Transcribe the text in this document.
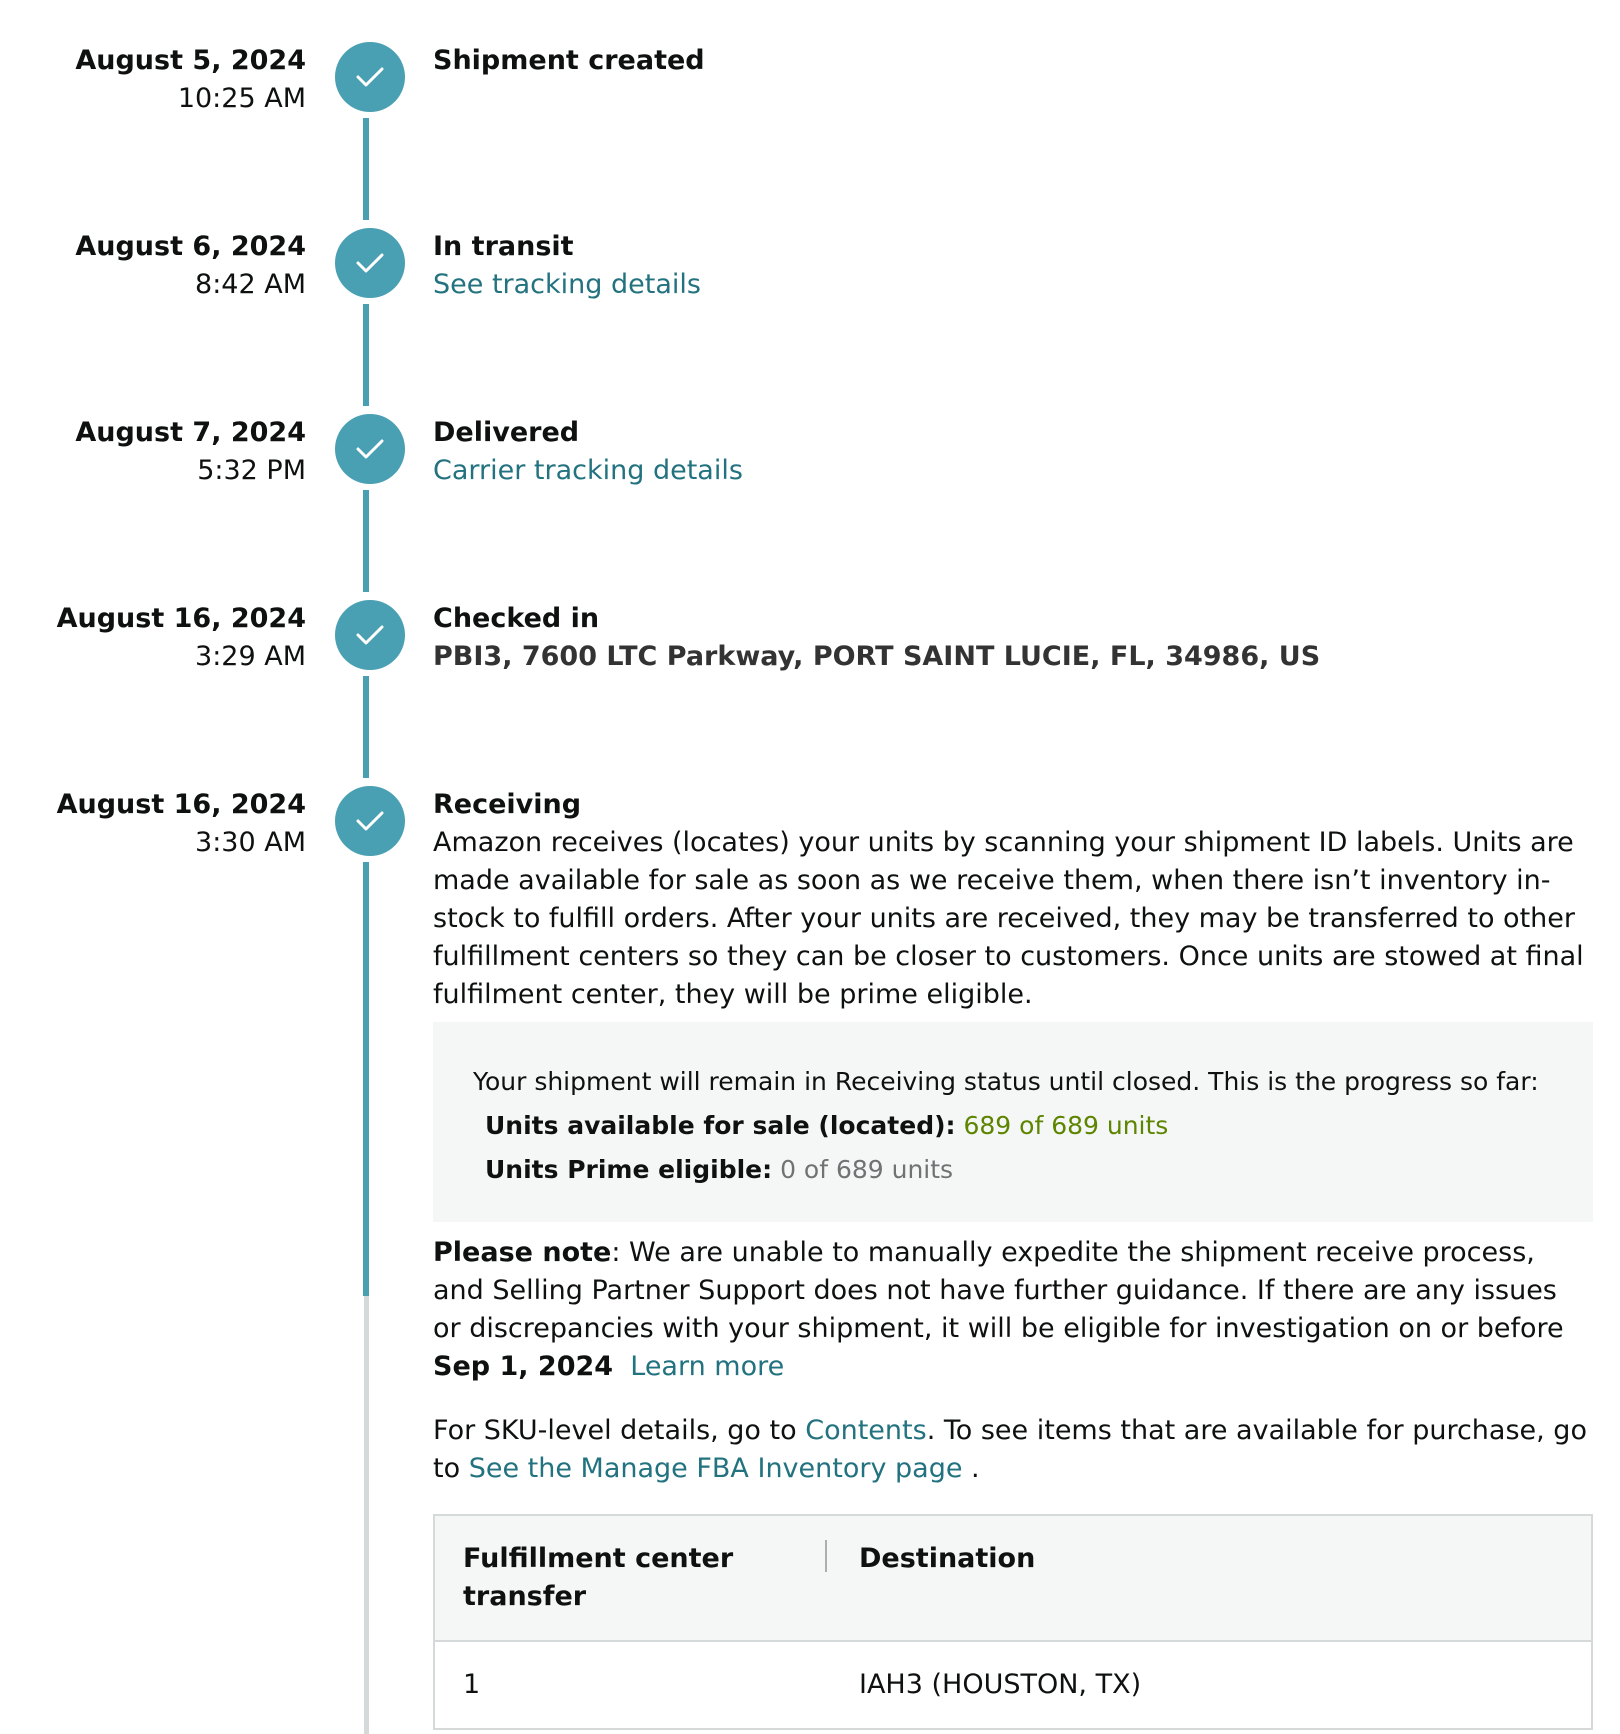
August 5, 2024
10:25 AM
Shipment created
August 6, 2024
8:42 AM
In transit
See tracking details
August 7, 2024
5:32 PM
Delivered
Carrier tracking details
August 16, 2024
3:29 AM
Checked in
PBI3, 7600 LTC Parkway, PORT SAINT LUCIE, FL, 34986, US
August 16, 2024
3:30 AM
Receiving

Amazon receives (locates) your units by scanning your shipment ID labels. Units are made available for sale as soon as we receive them, when there isn’t inventory in-stock to fulfill orders. After your units are received, they may be transferred to other fulfillment centers so they can be closer to customers. Once units are stowed at final fulfilment center, they will be prime eligible.

Your shipment will remain in Receiving status until closed. This is the progress so far:
Units available for sale (located): 689 of 689 units
Units Prime eligible: 0 of 689 units
Please note: We are unable to manually expedite the shipment receive process, and Selling Partner Support does not have further guidance. If there are any issues or discrepancies with your shipment, it will be eligible for investigation on or before Sep 1, 2024 Learn more
For SKU-level details, go to Contents. To see items that are available for purchase, go to See the Manage FBA Inventory page .
Fulfillment center transfer	Destination
1	IAH3 (HOUSTON, TX)
